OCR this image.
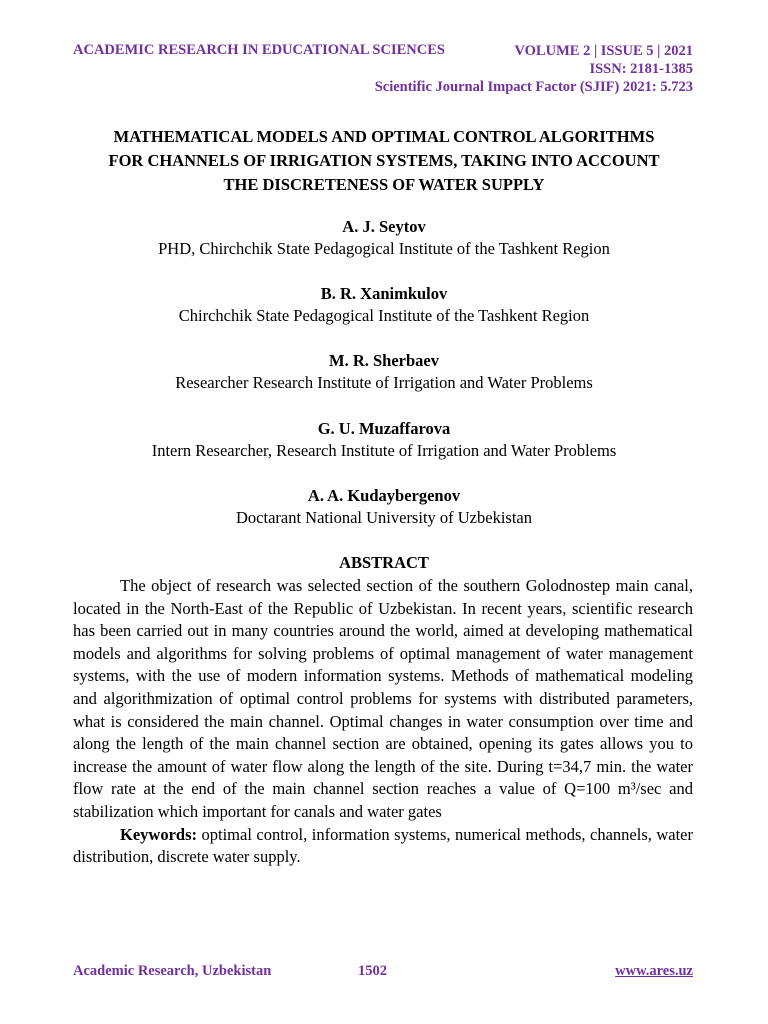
ACADEMIC RESEARCH IN EDUCATIONAL SCIENCES	VOLUME 2 | ISSUE 5 | 2021
ISSN: 2181-1385
Scientific Journal Impact Factor (SJIF) 2021: 5.723
MATHEMATICAL MODELS AND OPTIMAL CONTROL ALGORITHMS
FOR CHANNELS OF IRRIGATION SYSTEMS, TAKING INTO ACCOUNT
THE DISCRETENESS OF WATER SUPPLY
A. J. Seytov
PHD, Chirchchik State Pedagogical Institute of the Tashkent Region
B. R. Xanimkulov
Chirchchik State Pedagogical Institute of the Tashkent Region
M. R. Sherbaev
Researcher Research Institute of Irrigation and Water Problems
G. U. Muzaffarova
Intern Researcher, Research Institute of Irrigation and Water Problems
A. A. Kudaybergenov
Doctarant National University of Uzbekistan
ABSTRACT

The object of research was selected section of the southern Golodnostep main canal, located in the North-East of the Republic of Uzbekistan. In recent years, scientific research has been carried out in many countries around the world, aimed at developing mathematical models and algorithms for solving problems of optimal management of water management systems, with the use of modern information systems. Methods of mathematical modeling and algorithmization of optimal control problems for systems with distributed parameters, what is considered the main channel. Optimal changes in water consumption over time and along the length of the main channel section are obtained, opening its gates allows you to increase the amount of water flow along the length of the site. During t=34,7 min. the water flow rate at the end of the main channel section reaches a value of Q=100 m³/sec and stabilization which important for canals and water gates

Keywords: optimal control, information systems, numerical methods, channels, water distribution, discrete water supply.

Academic Research, Uzbekistan	1502	www.ares.uz
